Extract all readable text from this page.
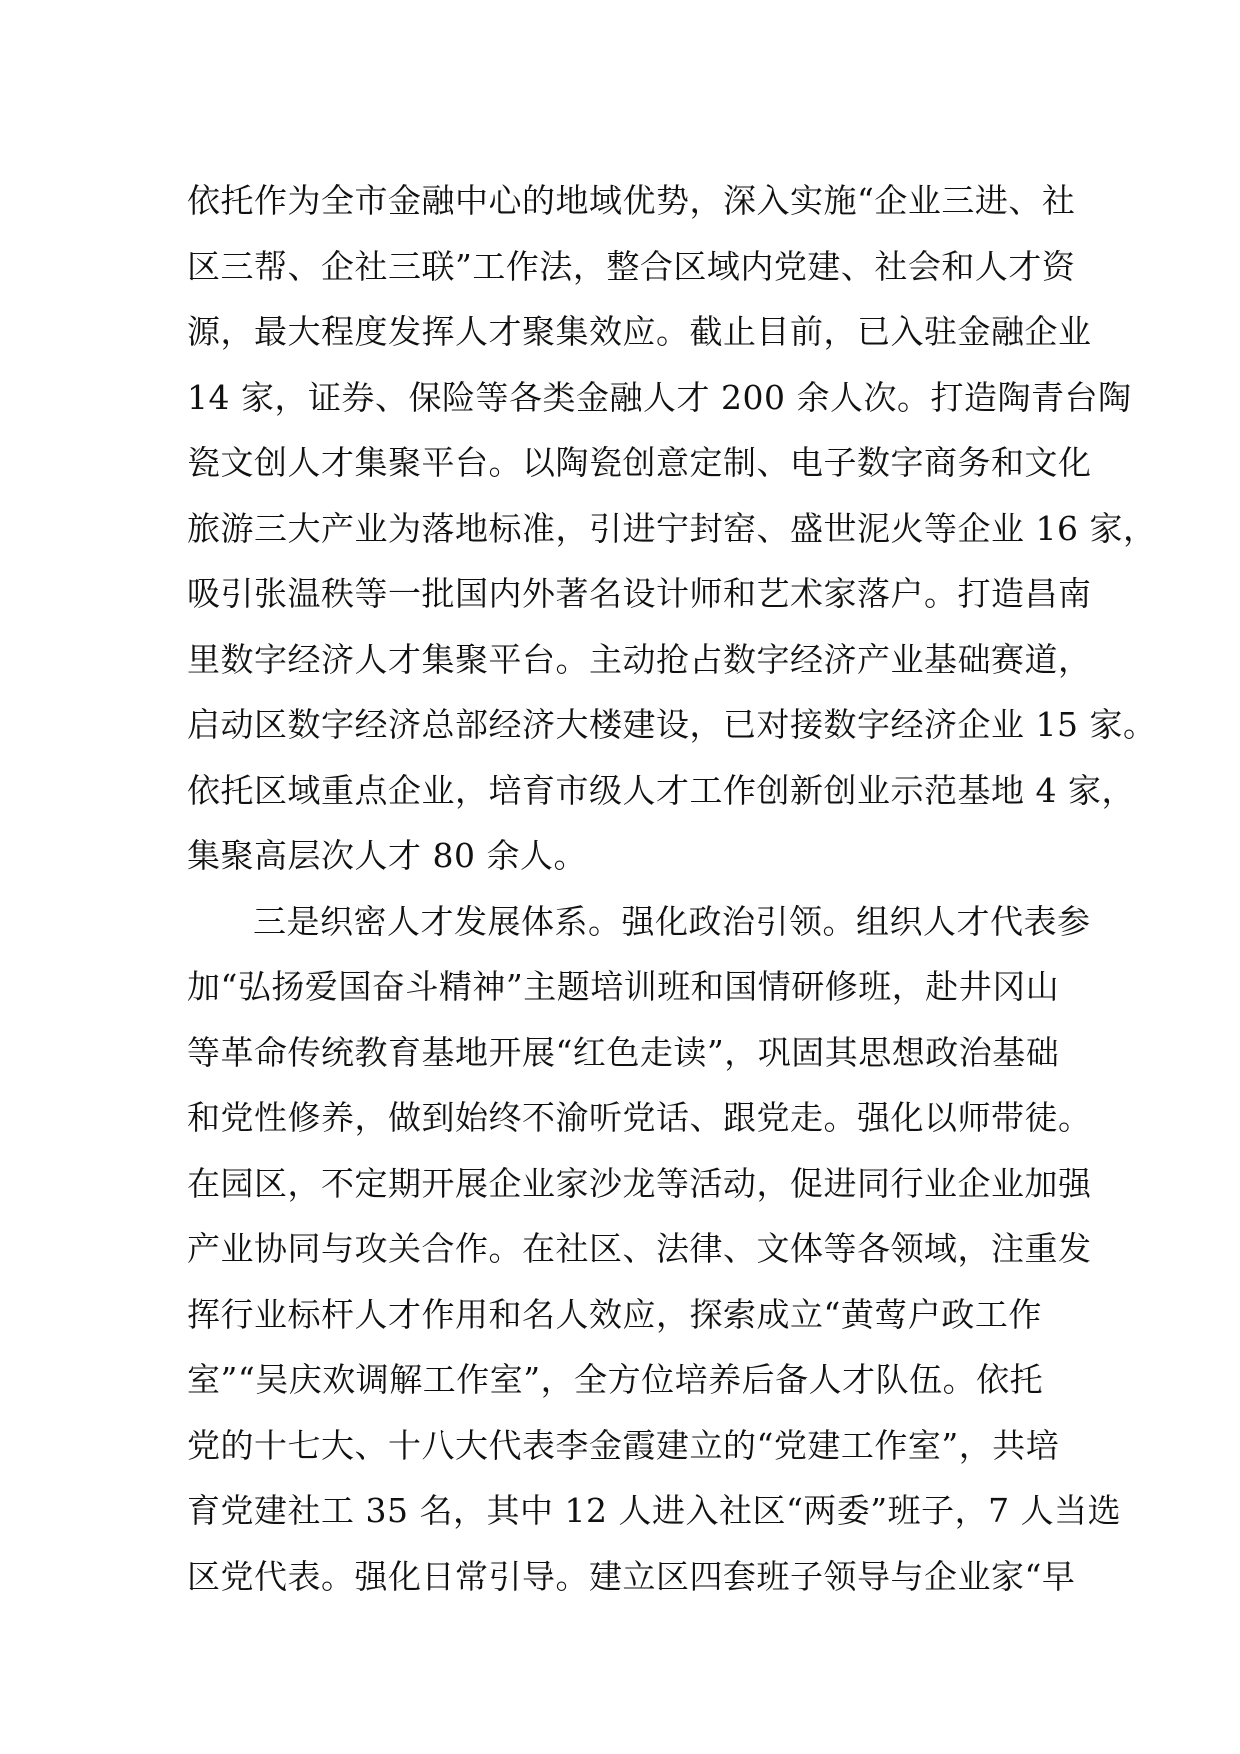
依托作为全市金融中心的地域优势，深入实施“企业三进、社
区三帮、企社三联”工作法，整合区域内党建、社会和人才资
源，最大程度发挥人才聚集效应。截止目前，已入驻金融企业
14 家，证券、保险等各类金融人才 200 余人次。打造陶青台陶
瓷文创人才集聚平台。以陶瓷创意定制、电子数字商务和文化
旅游三大产业为落地标准，引进宁封窑、盛世泥火等企业 16 家，
吸引张温秩等一批国内外著名设计师和艺术家落户。打造昌南
里数字经济人才集聚平台。主动抢占数字经济产业基础赛道，
启动区数字经济总部经济大楼建设，已对接数字经济企业 15 家。
依托区域重点企业，培育市级人才工作创新创业示范基地 4 家，
集聚高层次人才 80 余人。
三是织密人才发展体系。强化政治引领。组织人才代表参
加“弘扬爱国奋斗精神”主题培训班和国情研修班，赴井冈山
等革命传统教育基地开展“红色走读”，巩固其思想政治基础
和党性修养，做到始终不渝听党话、跟党走。强化以师带徒。
在园区，不定期开展企业家沙龙等活动，促进同行业企业加强
产业协同与攻关合作。在社区、法律、文体等各领域，注重发
挥行业标杆人才作用和名人效应，探索成立“黄莺户政工作
室”“吴庆欢调解工作室”，全方位培养后备人才队伍。依托
党的十七大、十八大代表李金霞建立的“党建工作室”，共培
育党建社工 35 名，其中 12 人进入社区“两委”班子，7 人当选
区党代表。强化日常引导。建立区四套班子领导与企业家“早
